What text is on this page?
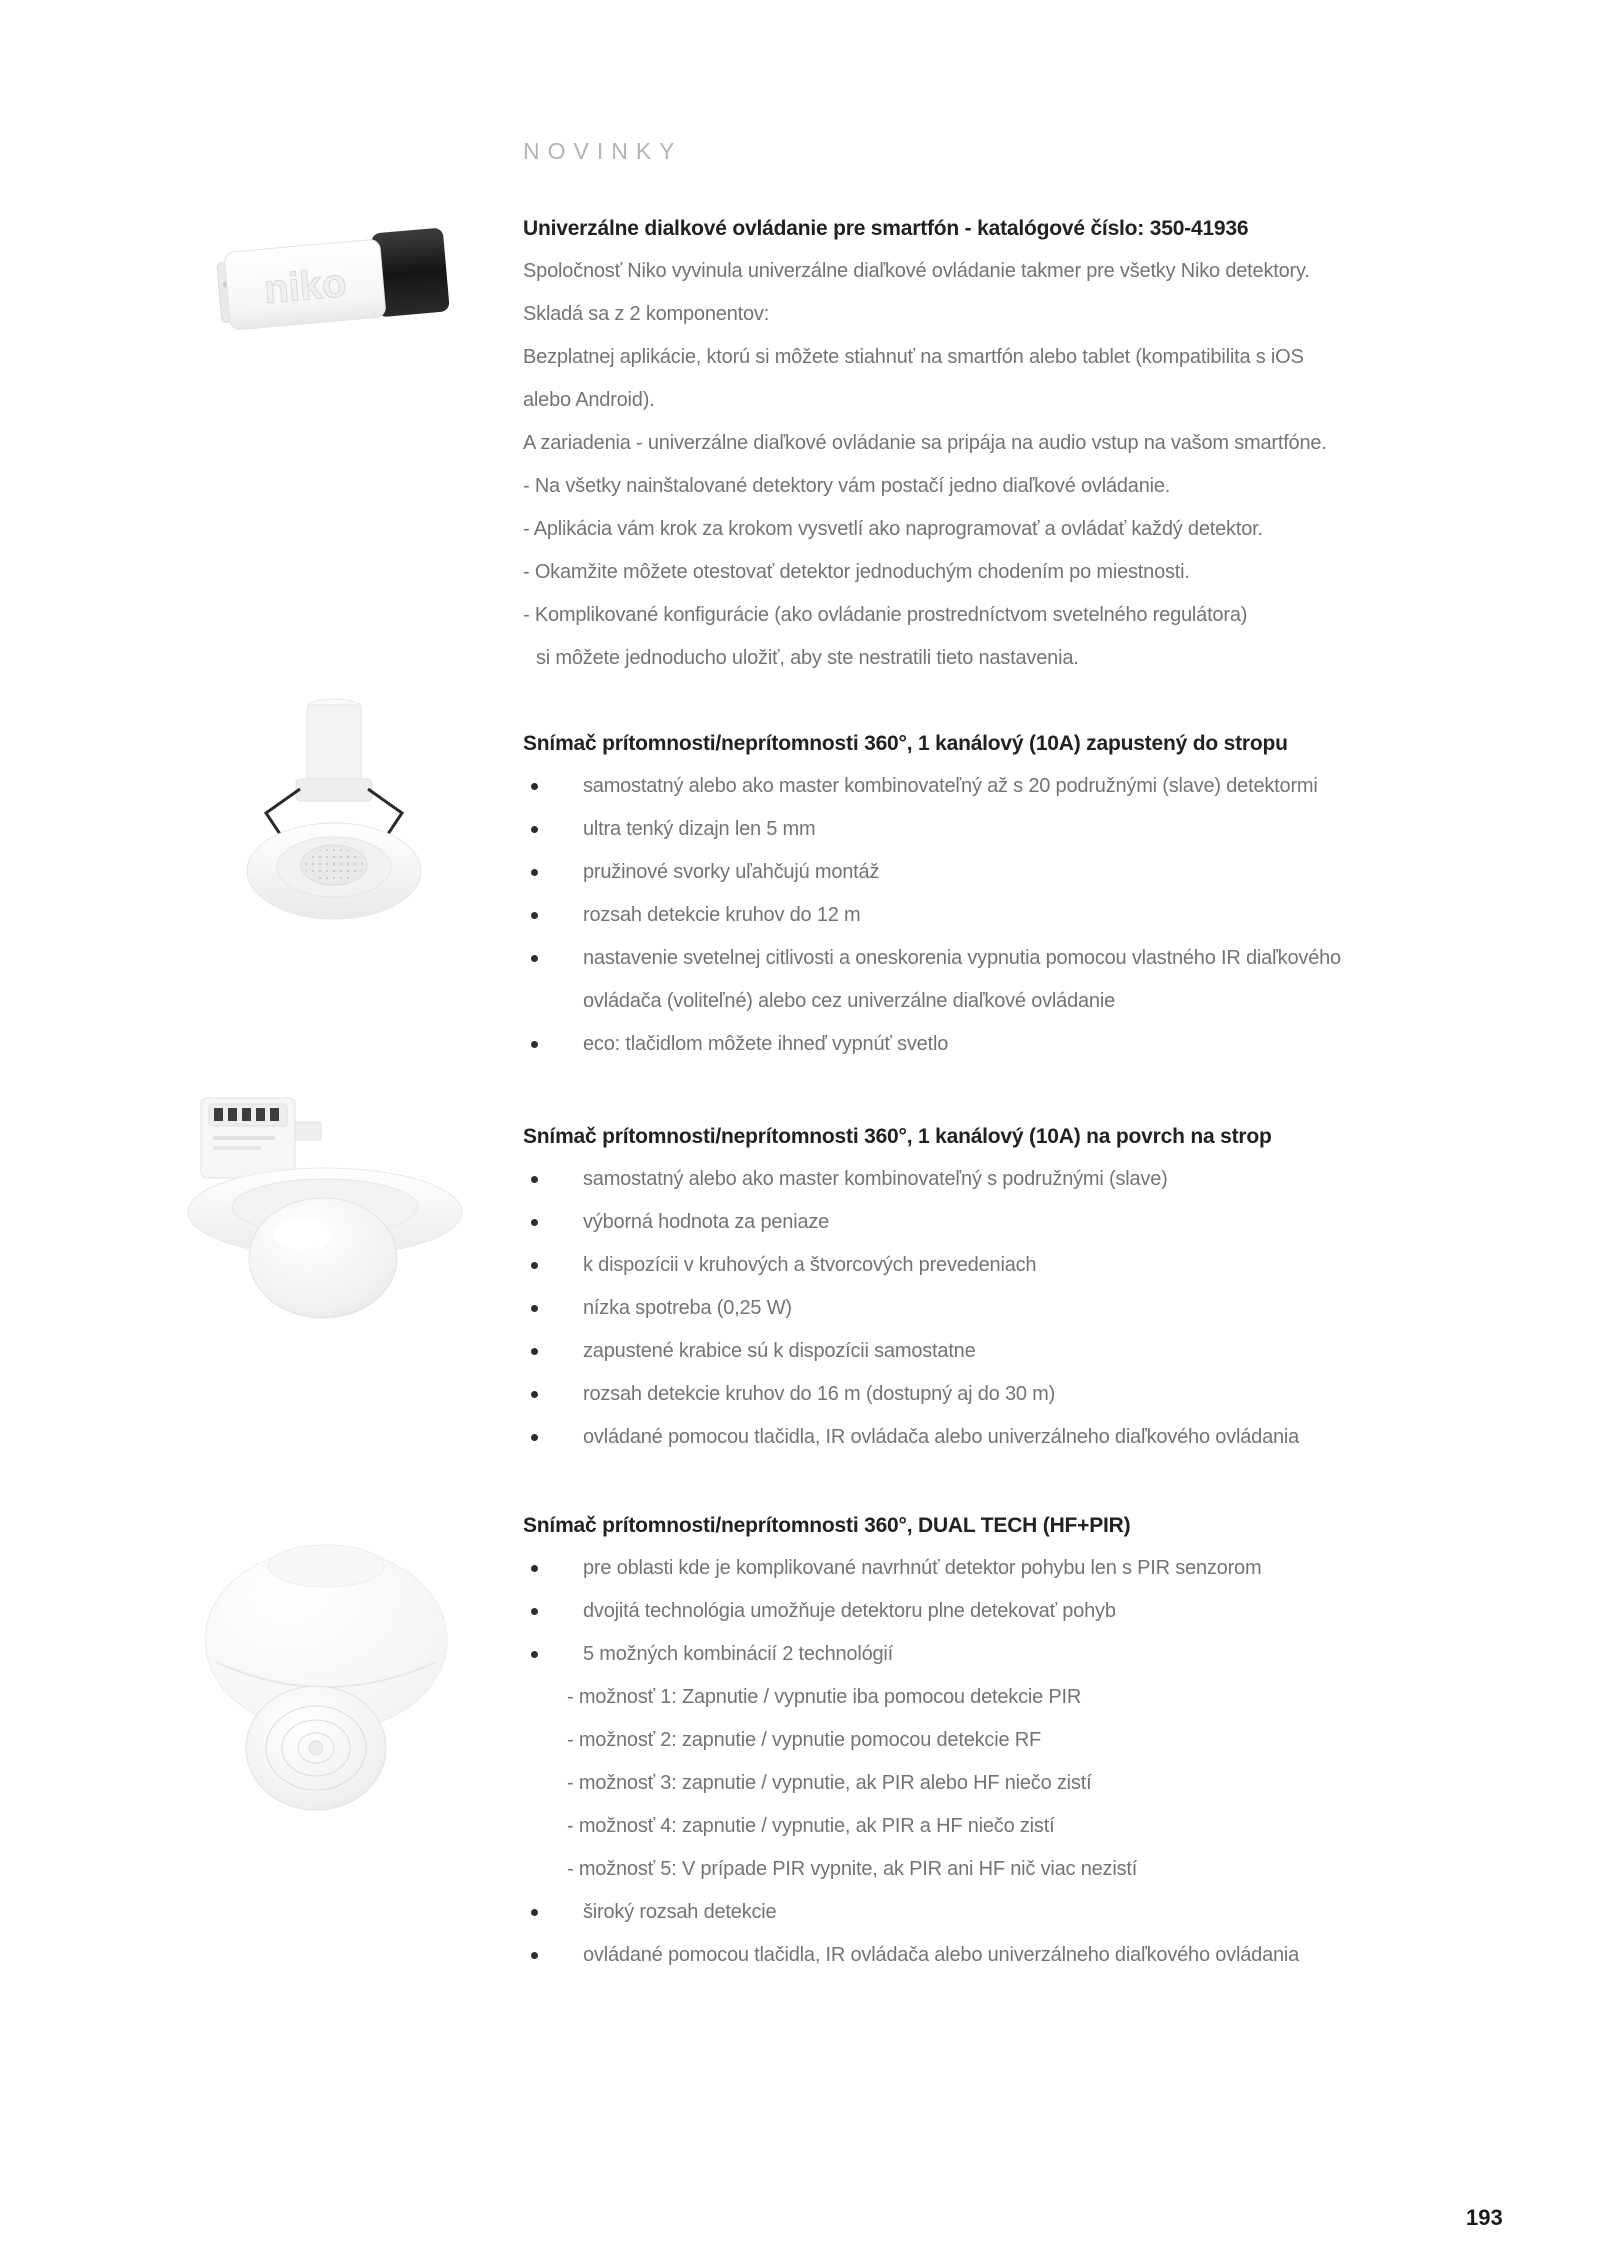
NOVINKY
niko
Univerzálne dialkové ovládanie pre smartfón - katalógové číslo: 350-41936
Spoločnosť Niko vyvinula univerzálne diaľkové ovládanie takmer pre všetky Niko detektory.
Skladá sa z 2 komponentov:
Bezplatnej aplikácie, ktorú si môžete stiahnuť na smartfón alebo tablet (kompatibilita s iOS
alebo Android).
A zariadenia - univerzálne diaľkové ovládanie sa pripája na audio vstup na vašom smartfóne.
- Na všetky nainštalované detektory vám postačí jedno diaľkové ovládanie.
- Aplikácia vám krok za krokom vysvetlí ako naprogramovať a ovládať každý detektor.
- Okamžite môžete otestovať detektor jednoduchým chodením po miestnosti.
- Komplikované konfigurácie (ako ovládanie prostredníctvom svetelného regulátora)
si môžete jednoducho uložiť, aby ste nestratili tieto nastavenia.
Snímač prítomnosti/neprítomnosti 360°, 1 kanálový (10A) zapustený do stropu
samostatný alebo ako master kombinovateľný až s 20 podružnými (slave) detektormi
ultra tenký dizajn len 5 mm
pružinové svorky uľahčujú montáž
rozsah detekcie kruhov do 12 m
nastavenie svetelnej citlivosti a oneskorenia vypnutia pomocou vlastného IR diaľkového
ovládača (voliteľné) alebo cez univerzálne diaľkové ovládanie
eco: tlačidlom môžete ihneď vypnúť svetlo
Snímač prítomnosti/neprítomnosti 360°, 1 kanálový (10A) na povrch na strop
samostatný alebo ako master kombinovateľný s podružnými (slave)
výborná hodnota za peniaze
k dispozícii v kruhových a štvorcových prevedeniach
nízka spotreba (0,25 W)
zapustené krabice sú k dispozícii samostatne
rozsah detekcie kruhov do 16 m (dostupný aj do 30 m)
ovládané pomocou tlačidla, IR ovládača alebo univerzálneho diaľkového ovládania
Snímač prítomnosti/neprítomnosti 360°, DUAL TECH (HF+PIR)
pre oblasti kde je komplikované navrhnúť detektor pohybu len s PIR senzorom
dvojitá technológia umožňuje detektoru plne detekovať pohyb
5 možných kombinácií 2 technológií
- možnosť 1: Zapnutie / vypnutie iba pomocou detekcie PIR
- možnosť 2: zapnutie / vypnutie pomocou detekcie RF
- možnosť 3: zapnutie / vypnutie, ak PIR alebo HF niečo zistí
- možnosť 4: zapnutie / vypnutie, ak PIR a HF niečo zistí
- možnosť 5: V prípade PIR vypnite, ak PIR ani HF nič viac nezistí
široký rozsah detekcie
ovládané pomocou tlačidla, IR ovládača alebo univerzálneho diaľkového ovládania
193
